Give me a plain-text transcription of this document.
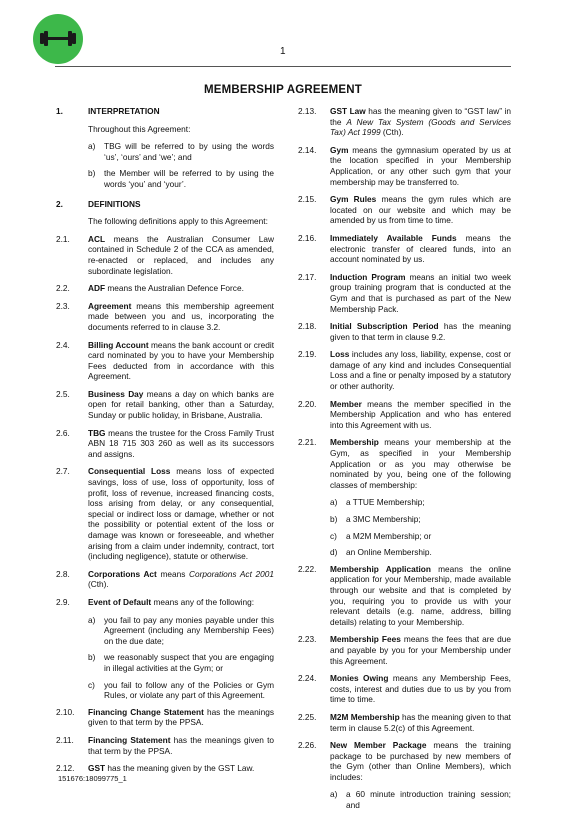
1
MEMBERSHIP AGREEMENT
1.	INTERPRETATION
Throughout this Agreement:
a) TBG will be referred to by using the words ‘us’, ‘ours’ and ‘we’; and
b) the Member will be referred to by using the words ‘you’ and ‘your’.
2.	DEFINITIONS
The following definitions apply to this Agreement:
2.1. ACL means the Australian Consumer Law contained in Schedule 2 of the CCA as amended, re-enacted or replaced, and includes any subordinate legislation.
2.2. ADF means the Australian Defence Force.
2.3. Agreement means this membership agreement made between you and us, incorporating the documents referred to in clause 3.2.
2.4. Billing Account means the bank account or credit card nominated by you to have your Membership Fees deducted from in accordance with this Agreement.
2.5. Business Day means a day on which banks are open for retail banking, other than a Saturday, Sunday or public holiday, in Brisbane, Australia.
2.6. TBG means the trustee for the Cross Family Trust ABN 18 715 303 260 as well as its successors and assigns.
2.7. Consequential Loss means loss of expected savings, loss of use, loss of opportunity, loss of profit, loss of revenue, increased financing costs, loss arising from delay, or any consequential, special or indirect loss or damage, whether or not the possibility or potential extent of the loss or damage was known or foreseeable, and whether arising from a claim under indemnity, contract, tort (including negligence), statute or otherwise.
2.8. Corporations Act means Corporations Act 2001 (Cth).
2.9. Event of Default means any of the following:
a) you fail to pay any monies payable under this Agreement (including any Membership Fees) on the due date;
b) we reasonably suspect that you are engaging in illegal activities at the Gym; or
c) you fail to follow any of the Policies or Gym Rules, or violate any part of this Agreement.
2.10. Financing Change Statement has the meanings given to that term by the PPSA.
2.11. Financing Statement has the meanings given to that term by the PPSA.
2.12. GST has the meaning given by the GST Law.
2.13. GST Law has the meaning given to “GST law” in the A New Tax System (Goods and Services Tax) Act 1999 (Cth).
2.14. Gym means the gymnasium operated by us at the location specified in your Membership Application, or any other such gym that your membership may be transferred to.
2.15. Gym Rules means the gym rules which are located on our website and which may be amended by us from time to time.
2.16. Immediately Available Funds means the electronic transfer of cleared funds, into an account nominated by us.
2.17. Induction Program means an initial two week group training program that is conducted at the Gym and that is purchased as part of the New Membership Pack.
2.18. Initial Subscription Period has the meaning given to that term in clause 9.2.
2.19. Loss includes any loss, liability, expense, cost or damage of any kind and includes Consequential Loss and a fine or penalty imposed by a statutory or other authority.
2.20. Member means the member specified in the Membership Application and who has entered into this Agreement with us.
2.21. Membership means your membership at the Gym, as specified in your Membership Application or as you may otherwise be nominated by you, being one of the following classes of membership:
a) a TTUE Membership;
b) a 3MC Membership;
c) a M2M Membership; or
d) an Online Membership.
2.22. Membership Application means the online application for your Membership, made available through our website and that is completed by you, requiring you to provide us with your relevant details (e.g. name, address, billing details) relating to your Membership.
2.23. Membership Fees means the fees that are due and payable by you for your Membership under this Agreement.
2.24. Monies Owing means any Membership Fees, costs, interest and duties due to us by you from time to time.
2.25. M2M Membership has the meaning given to that term in clause 5.2(c) of this Agreement.
2.26. New Member Package means the training package to be purchased by new members of the Gym (other than Online Members), which includes:
a) a 60 minute introduction training session; and
151676:18099775_1
